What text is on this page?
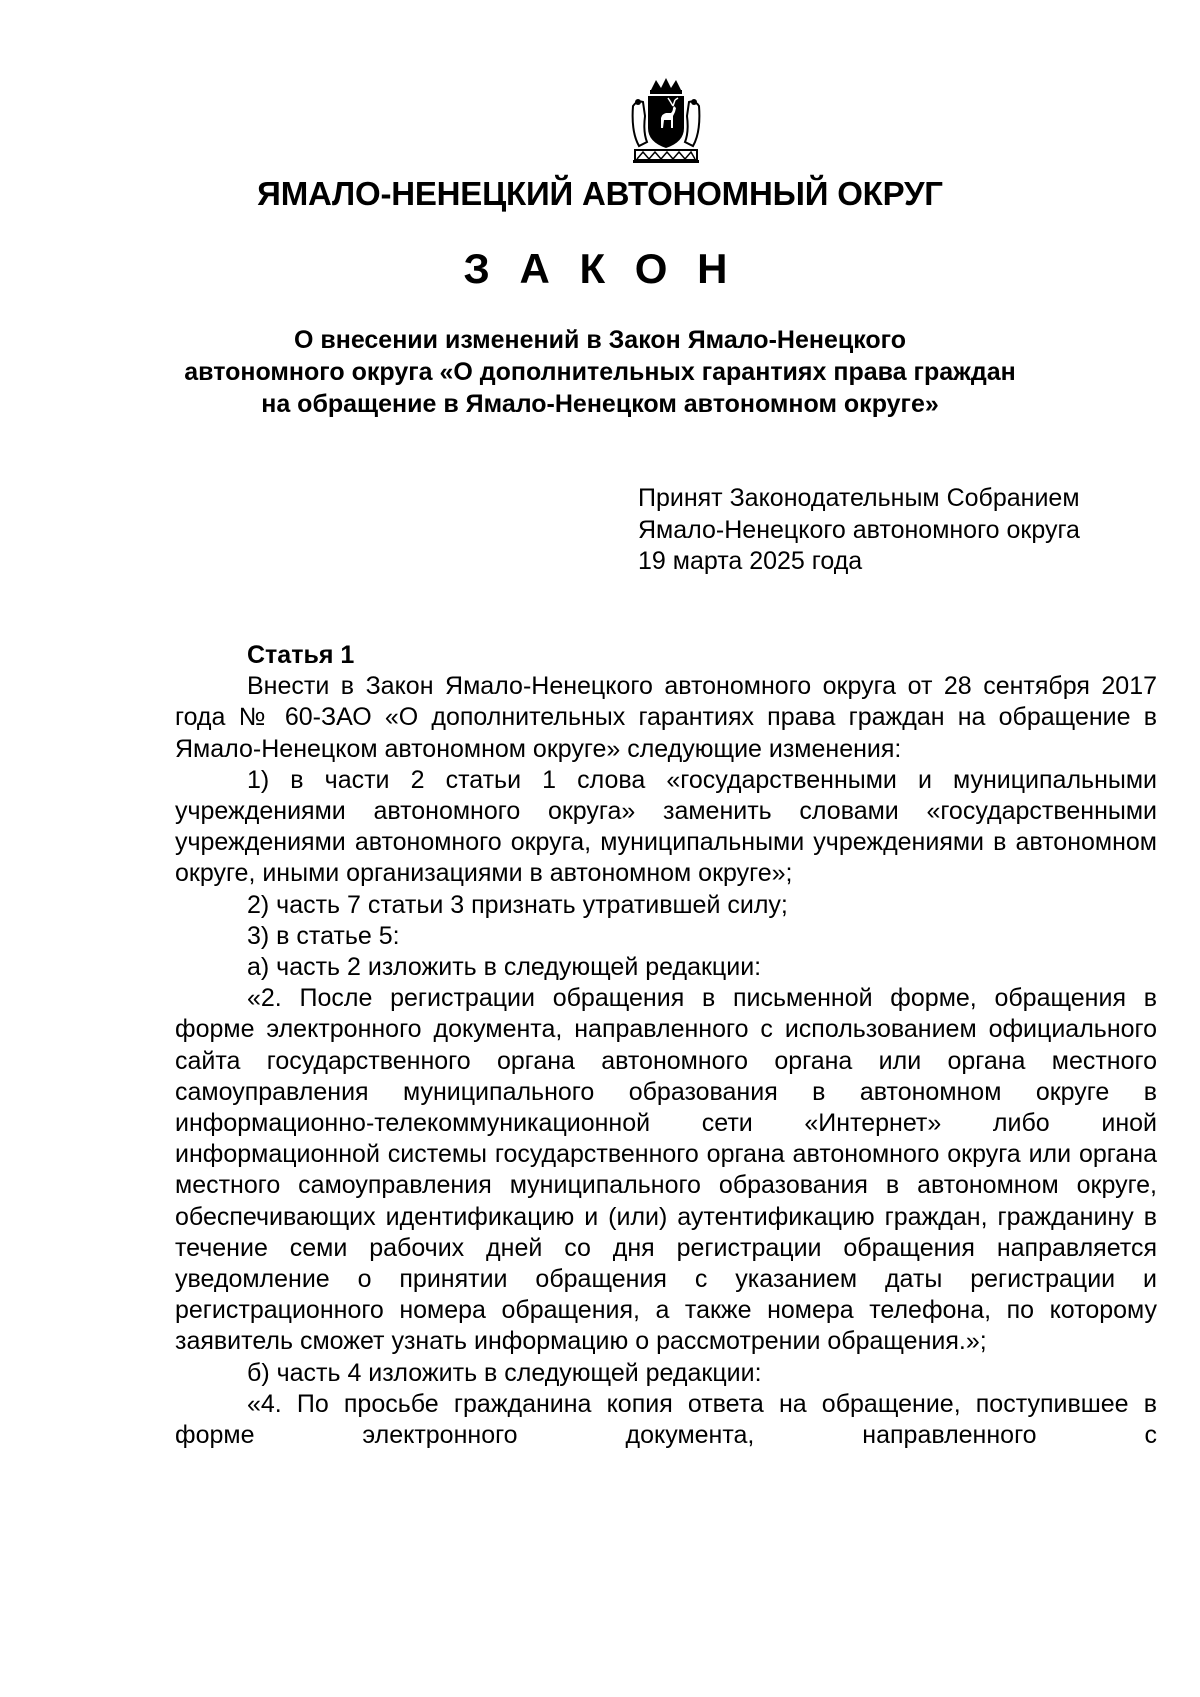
ЯМАЛО-НЕНЕЦКИЙ АВТОНОМНЫЙ ОКРУГ
З А К О Н
О внесении изменений в Закон Ямало-Ненецкого
автономного округа «О дополнительных гарантиях права граждан
на обращение в Ямало-Ненецком автономном округе»
Принят Законодательным Собранием
Ямало-Ненецкого автономного округа
19 марта 2025 года
Статья 1

Внести в Закон Ямало-Ненецкого автономного округа от 28 сентября 2017 года № 60-ЗАО «О дополнительных гарантиях права граждан на обращение в Ямало-Ненецком автономном округе» следующие изменения:

1) в части 2 статьи 1 слова «государственными и муниципальными учреждениями автономного округа» заменить словами «государственными учреждениями автономного округа, муниципальными учреждениями в автономном округе, иными организациями в автономном округе»;

2) часть 7 статьи 3 признать утратившей силу;

3) в статье 5:

а) часть 2 изложить в следующей редакции:

«2. После регистрации обращения в письменной форме, обращения в форме электронного документа, направленного с использованием официального сайта государственного органа автономного органа или органа местного самоуправления муниципального образования в автономном округе в информационно-телекоммуникационной сети «Интернет» либо иной информационной системы государственного органа автономного округа или органа местного самоуправления муниципального образования в автономном округе, обеспечивающих идентификацию и (или) аутентификацию граждан, гражданину в течение семи рабочих дней со дня регистрации обращения направляется уведомление о принятии обращения с указанием даты регистрации и регистрационного номера обращения, а также номера телефона, по которому заявитель сможет узнать информацию о рассмотрении обращения.»;

б) часть 4 изложить в следующей редакции:

«4. По просьбе гражданина копия ответа на обращение, поступившее в форме электронного документа, направленного с
